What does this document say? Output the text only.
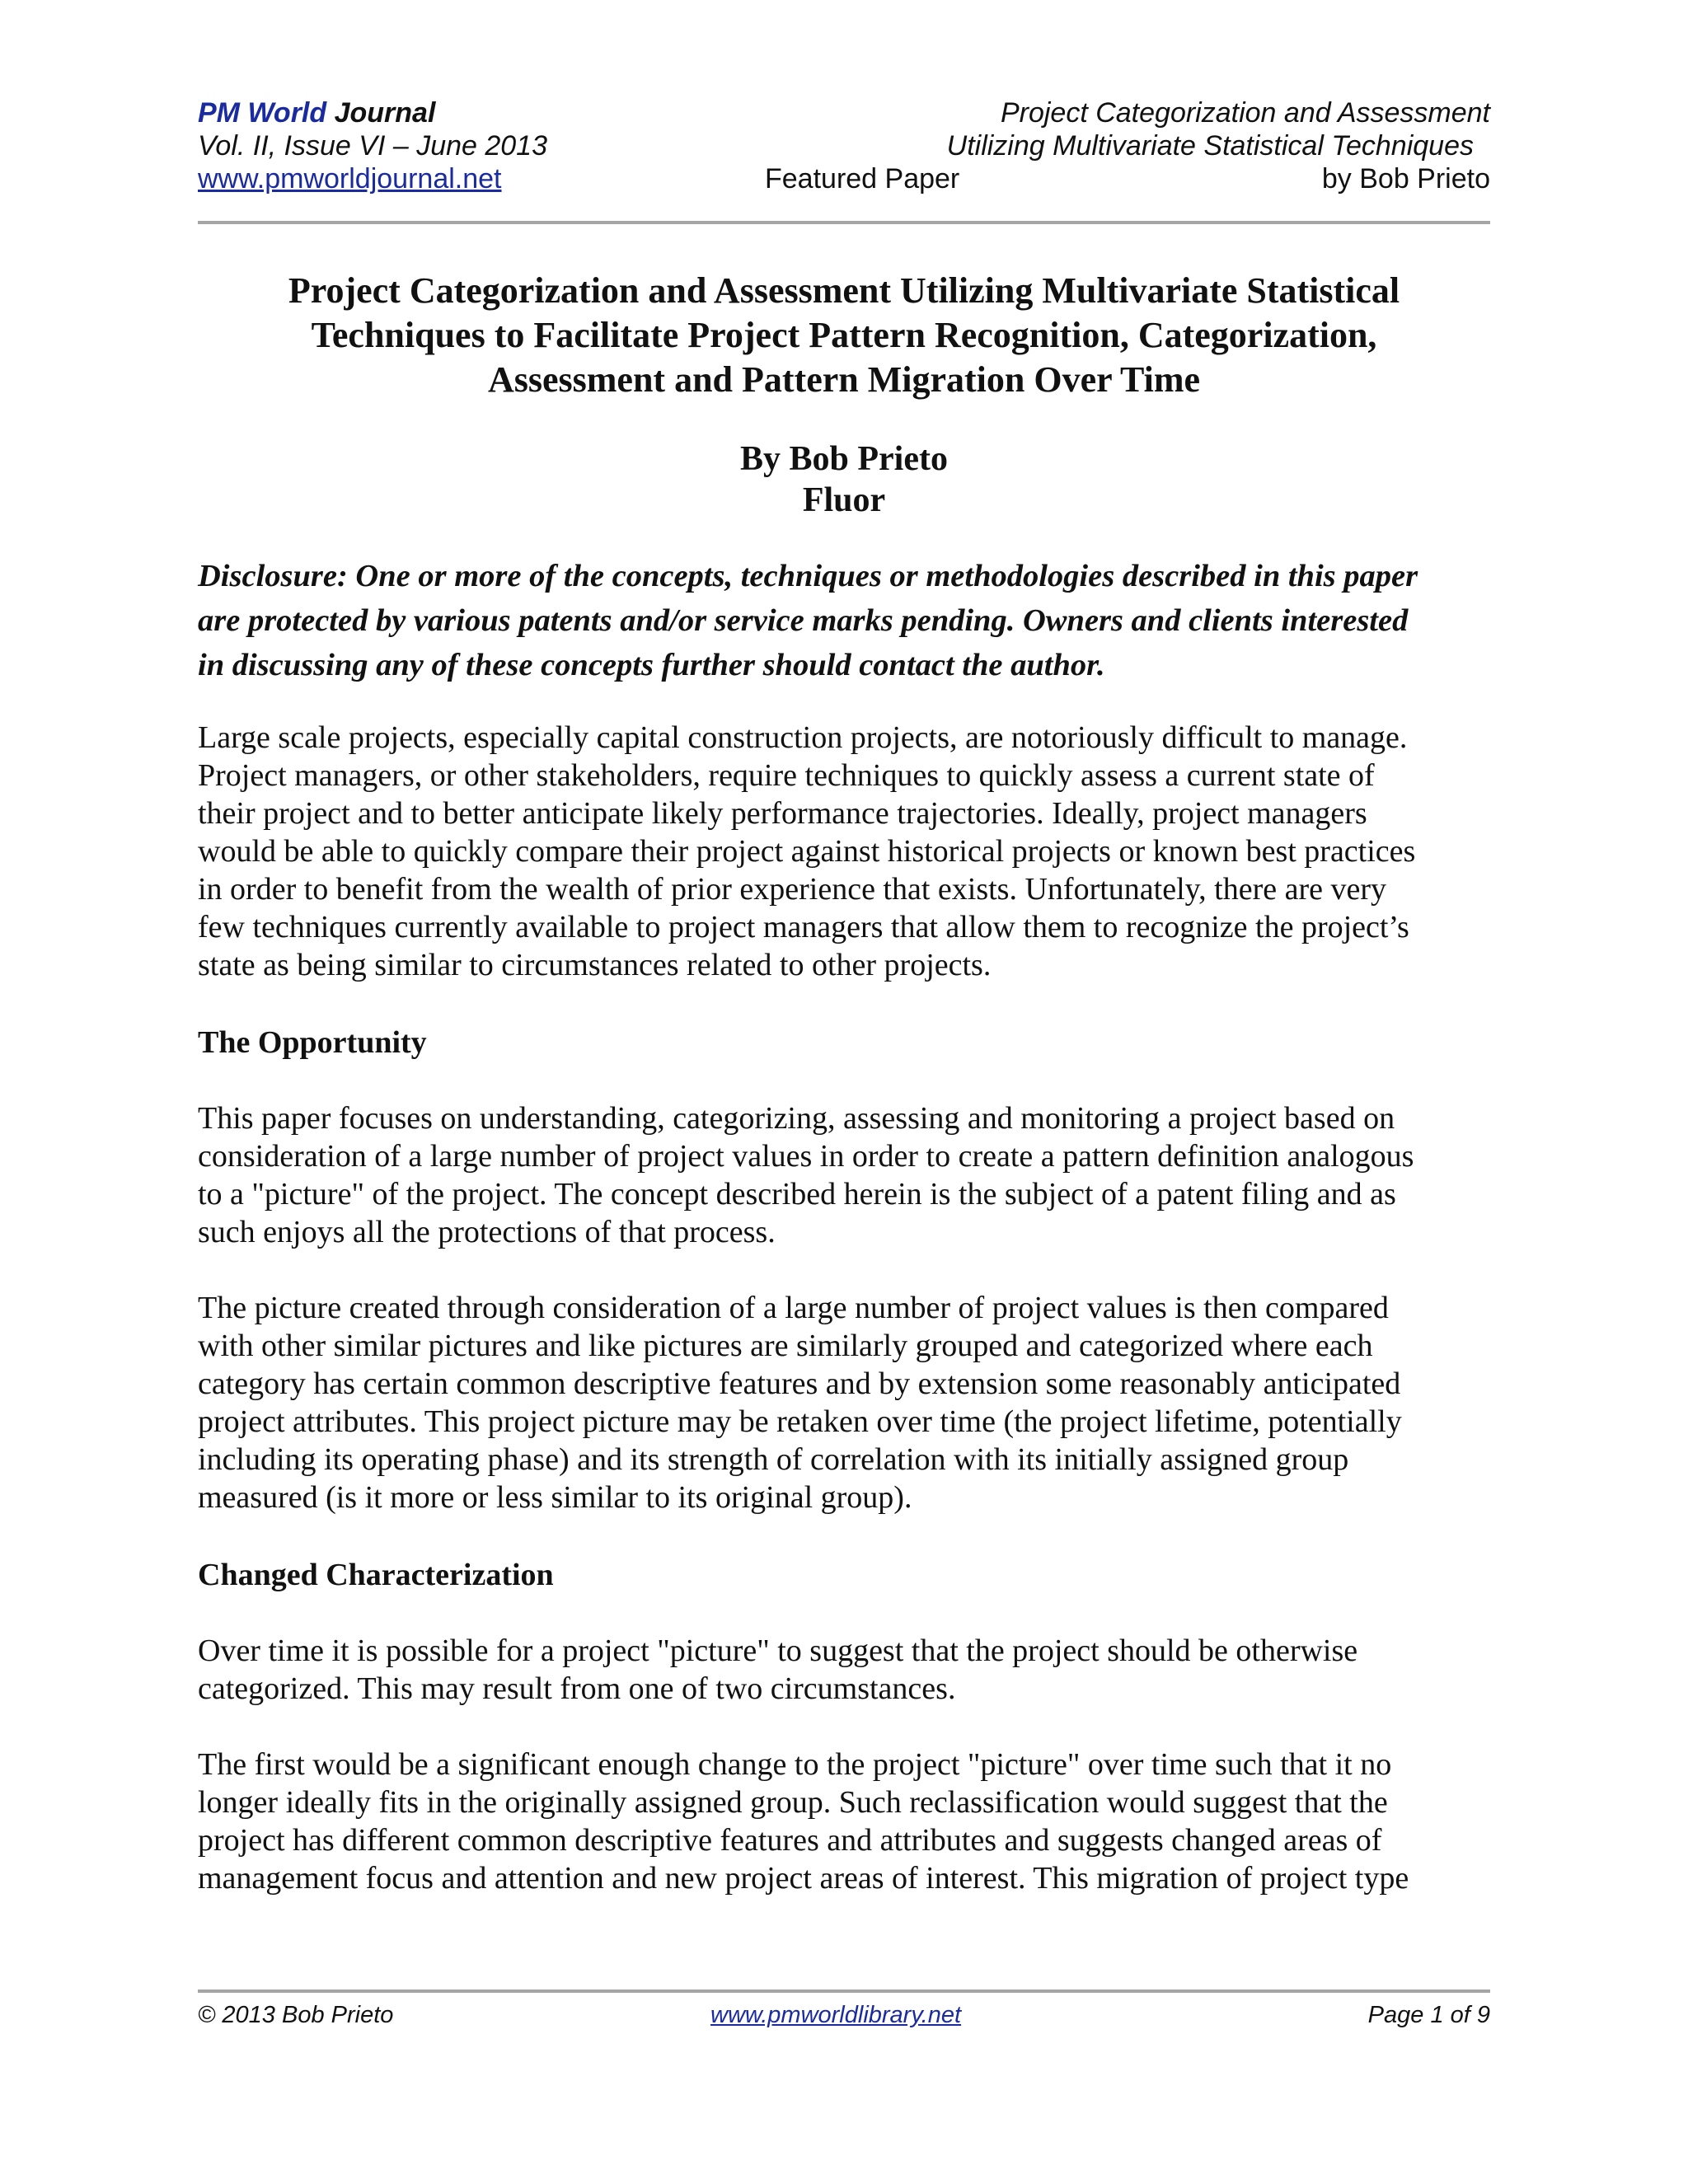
PM World Journal	Project Categorization and Assessment
Vol. II, Issue VI – June 2013	Utilizing Multivariate Statistical Techniques
www.pmworldjournal.net	Featured Paper	by Bob Prieto
Project Categorization and Assessment Utilizing Multivariate Statistical
Techniques to Facilitate Project Pattern Recognition, Categorization,
Assessment and Pattern Migration Over Time
By Bob Prieto
Fluor
Disclosure: One or more of the concepts, techniques or methodologies described in this paper
are protected by various patents and/or service marks pending. Owners and clients interested
in discussing any of these concepts further should contact the author.
Large scale projects, especially capital construction projects, are notoriously difficult to manage.
Project managers, or other stakeholders, require techniques to quickly assess a current state of
their project and to better anticipate likely performance trajectories. Ideally, project managers
would be able to quickly compare their project against historical projects or known best practices
in order to benefit from the wealth of prior experience that exists. Unfortunately, there are very
few techniques currently available to project managers that allow them to recognize the project’s
state as being similar to circumstances related to other projects.
The Opportunity
This paper focuses on understanding, categorizing, assessing and monitoring a project based on
consideration of a large number of project values in order to create a pattern definition analogous
to a "picture" of the project. The concept described herein is the subject of a patent filing and as
such enjoys all the protections of that process.
The picture created through consideration of a large number of project values is then compared
with other similar pictures and like pictures are similarly grouped and categorized where each
category has certain common descriptive features and by extension some reasonably anticipated
project attributes. This project picture may be retaken over time (the project lifetime, potentially
including its operating phase) and its strength of correlation with its initially assigned group
measured (is it more or less similar to its original group).
Changed Characterization
Over time it is possible for a project "picture" to suggest that the project should be otherwise
categorized. This may result from one of two circumstances.
The first would be a significant enough change to the project "picture" over time such that it no
longer ideally fits in the originally assigned group. Such reclassification would suggest that the
project has different common descriptive features and attributes and suggests changed areas of
management focus and attention and new project areas of interest. This migration of project type
© 2013 Bob Prieto	www.pmworldlibrary.net	Page 1 of 9
